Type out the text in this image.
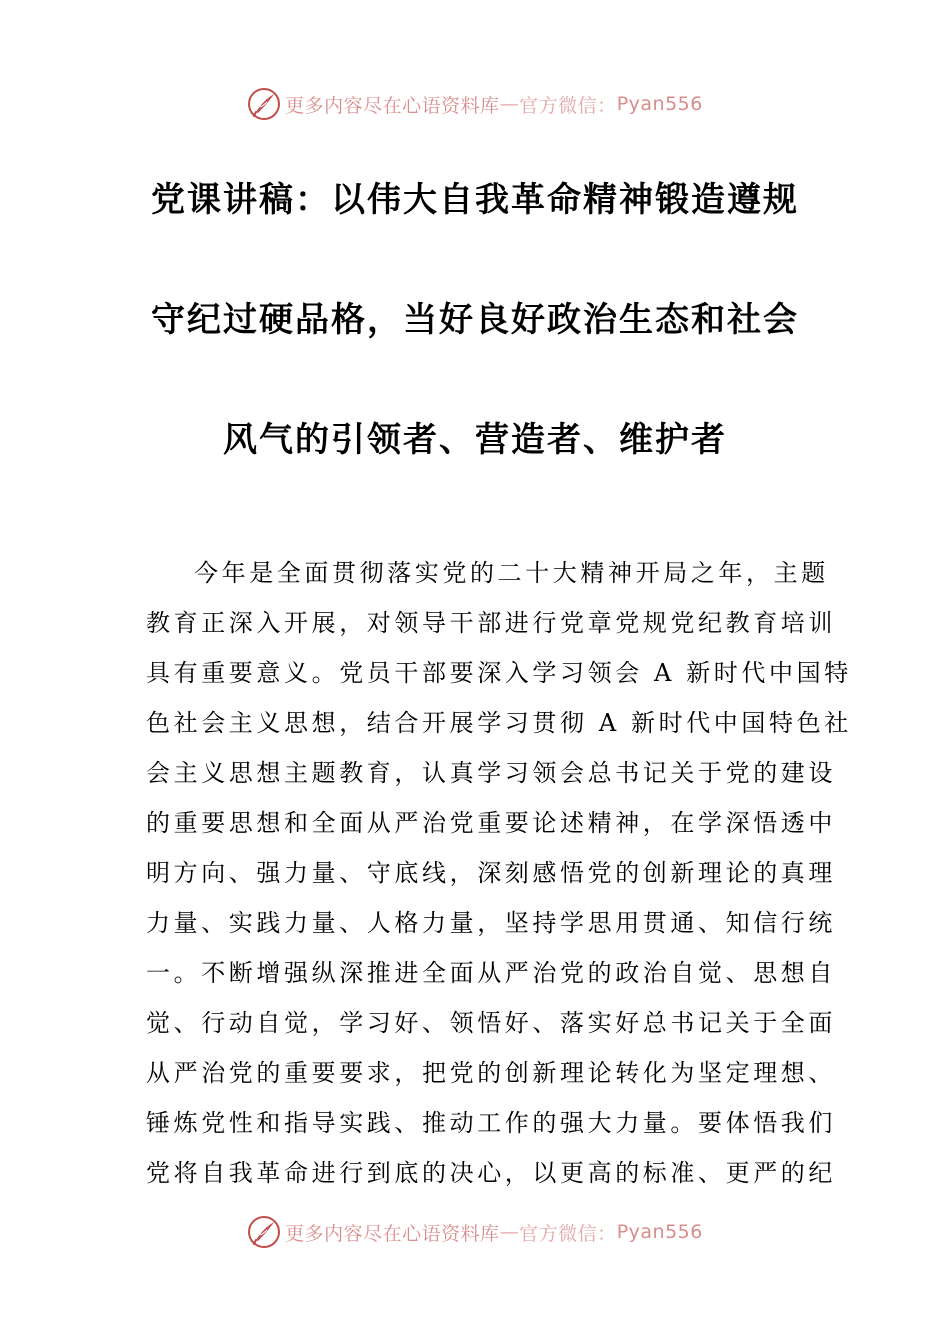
更多内容尽在心语资料库 — 官方微信： Pyan556
党课讲稿：以伟大自我革命精神锻造遵规
守纪过硬品格，当好良好政治生态和社会
风气的引领者、营造者、维护者
今年是全面贯彻落实党的二十大精神开局之年，主题
教育正深入开展，对领导干部进行党章党规党纪教育培训
具有重要意义。党员干部要深入学习领会 A 新时代中国特
色社会主义思想，结合开展学习贯彻 A 新时代中国特色社
会主义思想主题教育，认真学习领会总书记关于党的建设
的重要思想和全面从严治党重要论述精神，在学深悟透中
明方向、强力量、守底线，深刻感悟党的创新理论的真理
力量、实践力量、人格力量，坚持学思用贯通、知信行统
一。不断增强纵深推进全面从严治党的政治自觉、思想自
觉、行动自觉，学习好、领悟好、落实好总书记关于全面
从严治党的重要要求，把党的创新理论转化为坚定理想、
锤炼党性和指导实践、推动工作的强大力量。要体悟我们
党将自我革命进行到底的决心，以更高的标准、更严的纪
更多内容尽在心语资料库 — 官方微信： Pyan556
